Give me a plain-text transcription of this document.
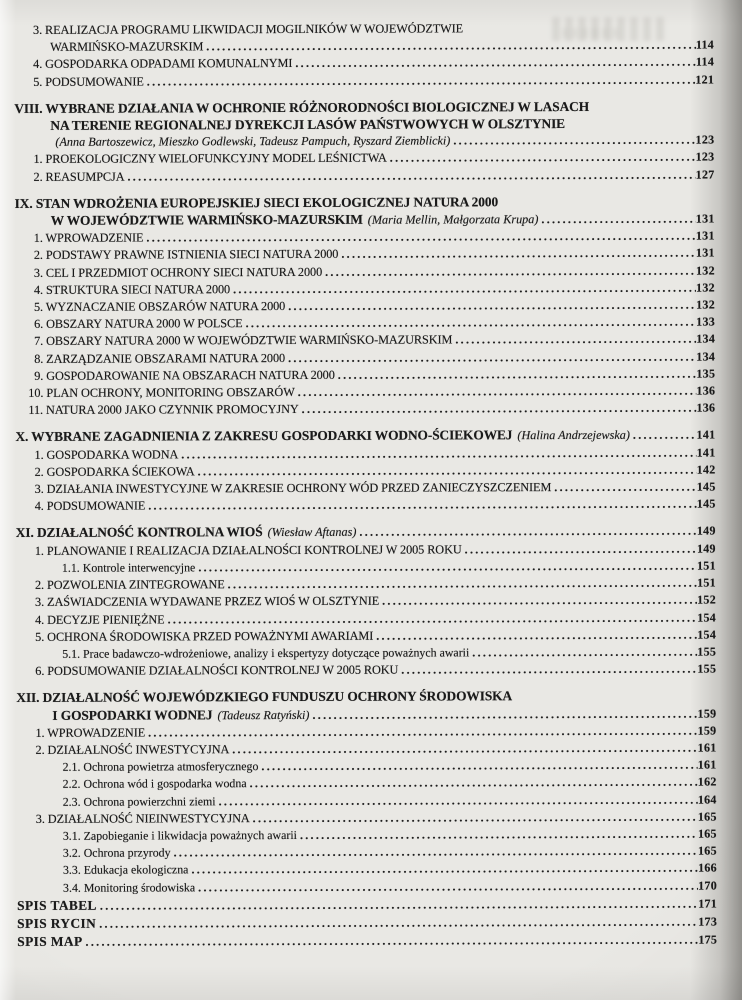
3. REALIZACJA PROGRAMU LIKWIDACJI MOGILNIKÓW W WOJEWÓDZTWIE
WARMIŃSKO-MAZURSKIM .....	114
4. GOSPODARKA ODPADAMI KOMUNALNYMI .....	114
5. PODSUMOWANIE .....	121
VIII. WYBRANE DZIAŁANIA W OCHRONIE RÓŻNORODNOŚCI BIOLOGICZNEJ W LASACH
NA TERENIE REGIONALNEJ DYREKCJI LASÓW PAŃSTWOWYCH W OLSZTYNIE
(Anna Bartoszewicz, Mieszko Godlewski, Tadeusz Pampuch, Ryszard Ziemblicki) .....	123
1. PROEKOLOGICZNY WIELOFUNKCYJNY MODEL LEŚNICTWA .....	123
2. REASUMPCJA .....	127
IX. STAN WDROŻENIA EUROPEJSKIEJ SIECI EKOLOGICZNEJ NATURA 2000
W WOJEWÓDZTWIE WARMIŃSKO-MAZURSKIM (Maria Mellin, Małgorzata Krupa) .....	131
1. WPROWADZENIE .....	131
2. PODSTAWY PRAWNE ISTNIENIA SIECI NATURA 2000 .....	131
3. CEL I PRZEDMIOT OCHRONY SIECI NATURA 2000 .....	132
4. STRUKTURA SIECI NATURA 2000 .....	132
5. WYZNACZANIE OBSZARÓW NATURA 2000 .....	132
6. OBSZARY NATURA 2000 W POLSCE .....	133
7. OBSZARY NATURA 2000 W WOJEWÓDZTWIE WARMIŃSKO-MAZURSKIM .....	134
8. ZARZĄDZANIE OBSZARAMI NATURA 2000 .....	134
9. GOSPODAROWANIE NA OBSZARACH NATURA 2000 .....	135
10. PLAN OCHRONY, MONITORING OBSZARÓW .....	136
11. NATURA 2000 JAKO CZYNNIK PROMOCYJNY .....	136
X. WYBRANE ZAGADNIENIA Z ZAKRESU GOSPODARKI WODNO-ŚCIEKOWEJ (Halina Andrzejewska) .....	141
1. GOSPODARKA WODNA .....	141
2. GOSPODARKA ŚCIEKOWA .....	142
3. DZIAŁANIA INWESTYCYJNE W ZAKRESIE OCHRONY WÓD PRZED ZANIECZYSZCZENIEM .....	145
4. PODSUMOWANIE .....	145
XI. DZIAŁALNOŚĆ KONTROLNA WIOŚ (Wiesław Aftanas) .....	149
1. PLANOWANIE I REALIZACJA DZIAŁALNOŚCI KONTROLNEJ W 2005 ROKU .....	149
1.1. Kontrole interwencyjne .....	151
2. POZWOLENIA ZINTEGROWANE .....	151
3. ZAŚWIADCZENIA WYDAWANE PRZEZ WIOŚ W OLSZTYNIE .....	152
4. DECYZJE PIENIĘŻNE .....	154
5. OCHRONA ŚRODOWISKA PRZED POWAŻNYMI AWARIAMI .....	154
5.1. Prace badawczo-wdrożeniowe, analizy i ekspertyzy dotyczące poważnych awarii .....	155
6. PODSUMOWANIE DZIAŁALNOŚCI KONTROLNEJ W 2005 ROKU .....	155
XII. DZIAŁALNOŚĆ WOJEWÓDZKIEGO FUNDUSZU OCHRONY ŚRODOWISKA
I GOSPODARKI WODNEJ (Tadeusz Ratyński) .....	159
1. WPROWADZENIE .....	159
2. DZIAŁALNOŚĆ INWESTYCYJNA .....	161
2.1. Ochrona powietrza atmosferycznego .....	161
2.2. Ochrona wód i gospodarka wodna .....	162
2.3. Ochrona powierzchni ziemi .....	164
3. DZIAŁALNOŚĆ NIEINWESTYCYJNA .....	165
3.1. Zapobieganie i likwidacja poważnych awarii .....	165
3.2. Ochrona przyrody .....	165
3.3. Edukacja ekologiczna .....	166
3.4. Monitoring środowiska .....	170
SPIS TABEL .....	171
SPIS RYCIN .....	173
SPIS MAP .....	175
